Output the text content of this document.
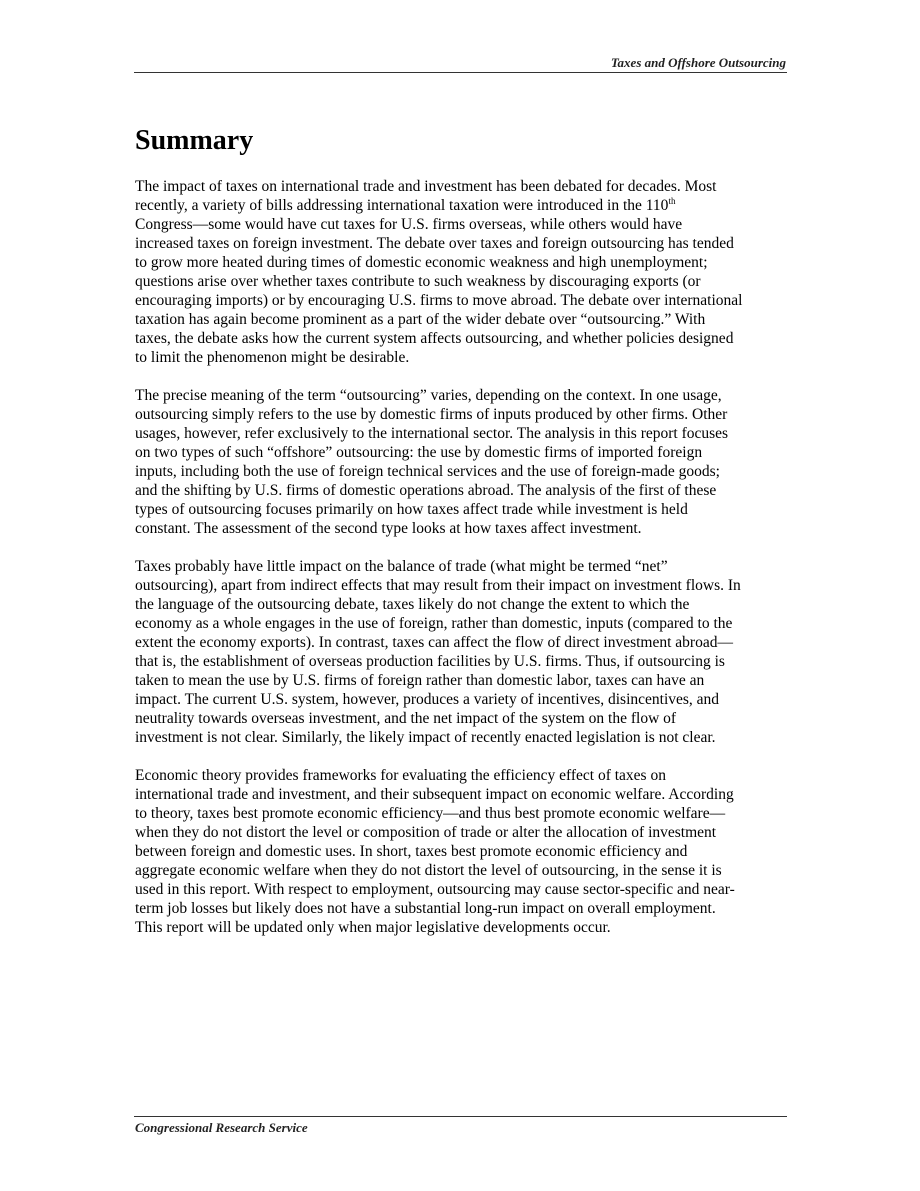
Taxes and Offshore Outsourcing
Summary

The impact of taxes on international trade and investment has been debated for decades. Most
recently, a variety of bills addressing international taxation were introduced in the 110th
Congress—some would have cut taxes for U.S. firms overseas, while others would have
increased taxes on foreign investment. The debate over taxes and foreign outsourcing has tended
to grow more heated during times of domestic economic weakness and high unemployment;
questions arise over whether taxes contribute to such weakness by discouraging exports (or
encouraging imports) or by encouraging U.S. firms to move abroad. The debate over international
taxation has again become prominent as a part of the wider debate over “outsourcing.” With
taxes, the debate asks how the current system affects outsourcing, and whether policies designed
to limit the phenomenon might be desirable.

The precise meaning of the term “outsourcing” varies, depending on the context. In one usage,
outsourcing simply refers to the use by domestic firms of inputs produced by other firms. Other
usages, however, refer exclusively to the international sector. The analysis in this report focuses
on two types of such “offshore” outsourcing: the use by domestic firms of imported foreign
inputs, including both the use of foreign technical services and the use of foreign-made goods;
and the shifting by U.S. firms of domestic operations abroad. The analysis of the first of these
types of outsourcing focuses primarily on how taxes affect trade while investment is held
constant. The assessment of the second type looks at how taxes affect investment.

Taxes probably have little impact on the balance of trade (what might be termed “net”
outsourcing), apart from indirect effects that may result from their impact on investment flows. In
the language of the outsourcing debate, taxes likely do not change the extent to which the
economy as a whole engages in the use of foreign, rather than domestic, inputs (compared to the
extent the economy exports). In contrast, taxes can affect the flow of direct investment abroad—
that is, the establishment of overseas production facilities by U.S. firms. Thus, if outsourcing is
taken to mean the use by U.S. firms of foreign rather than domestic labor, taxes can have an
impact. The current U.S. system, however, produces a variety of incentives, disincentives, and
neutrality towards overseas investment, and the net impact of the system on the flow of
investment is not clear. Similarly, the likely impact of recently enacted legislation is not clear.

Economic theory provides frameworks for evaluating the efficiency effect of taxes on
international trade and investment, and their subsequent impact on economic welfare. According
to theory, taxes best promote economic efficiency—and thus best promote economic welfare—
when they do not distort the level or composition of trade or alter the allocation of investment
between foreign and domestic uses. In short, taxes best promote economic efficiency and
aggregate economic welfare when they do not distort the level of outsourcing, in the sense it is
used in this report. With respect to employment, outsourcing may cause sector-specific and near-
term job losses but likely does not have a substantial long-run impact on overall employment.
This report will be updated only when major legislative developments occur.

Congressional Research Service
